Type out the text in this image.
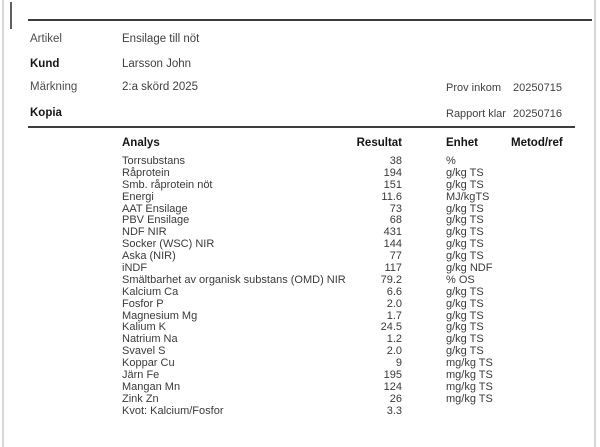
Artikel	Ensilage till nöt
Kund	Larsson John
Märkning	2:a skörd 2025
Kopia
Prov inkom 20250715
Rapport klar 20250716
Analys	Resultat	Enhet	Metod/ref
Torrsubstans	38	%
Råprotein	194	g/kg TS
Smb. råprotein nöt	151	g/kg TS
Energi	11.6	MJ/kgTS
AAT Ensilage	73	g/kg TS
PBV Ensilage	68	g/kg TS
NDF NIR	431	g/kg TS
Socker (WSC) NIR	144	g/kg TS
Aska (NIR)	77	g/kg TS
iNDF	117	g/kg NDF
Smältbarhet av organisk substans (OMD) NIR	79.2	% OS
Kalcium Ca	6.6	g/kg TS
Fosfor P	2.0	g/kg TS
Magnesium Mg	1.7	g/kg TS
Kalium K	24.5	g/kg TS
Natrium Na	1.2	g/kg TS
Svavel S	2.0	g/kg TS
Koppar Cu	9	mg/kg TS
Järn Fe	195	mg/kg TS
Mangan Mn	124	mg/kg TS
Zink Zn	26	mg/kg TS
Kvot: Kalcium/Fosfor	3.3
